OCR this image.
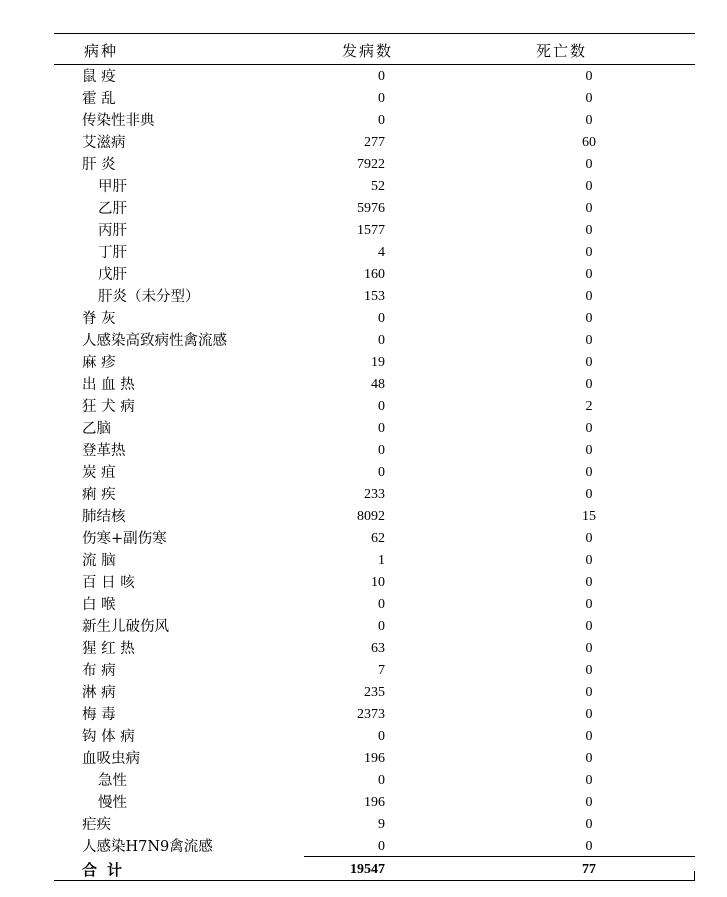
病种	发病数	死亡数
鼠 疫	0	0
霍 乱	0	0
传染性非典	0	0
艾滋病	277	60
肝 炎	7922	0
甲肝	52	0
乙肝	5976	0
丙肝	1577	0
丁肝	4	0
戊肝	160	0
肝炎（未分型）	153	0
脊 灰	0	0
人感染高致病性禽流感	0	0
麻 疹	19	0
出 血 热	48	0
狂 犬 病	0	2
乙脑	0	0
登革热	0	0
炭 疽	0	0
痢 疾	233	0
肺结核	8092	15
伤寒+副伤寒	62	0
流 脑	1	0
百 日 咳	10	0
白 喉	0	0
新生儿破伤风	0	0
猩 红 热	63	0
布 病	7	0
淋 病	235	0
梅 毒	2373	0
钩 体 病	0	0
血吸虫病	196	0
急性	0	0
慢性	196	0
疟疾	9	0
人感染H7N9禽流感	0	0
合计	19547	77
